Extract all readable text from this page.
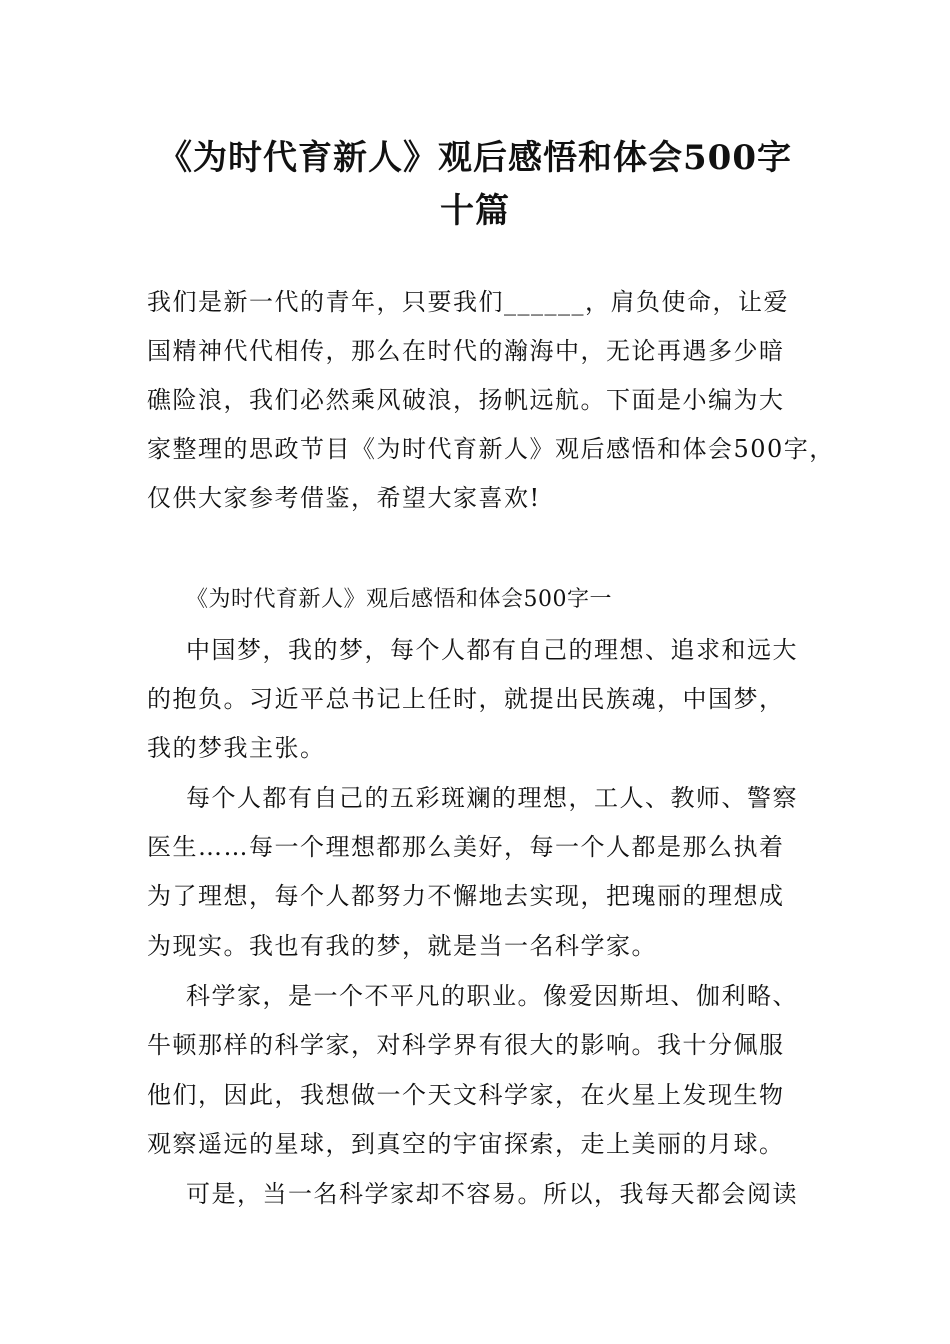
《为时代育新人》观后感悟和体会500字
十篇
我们是新一代的青年，只要我们______，肩负使命，让爱
国精神代代相传，那么在时代的瀚海中，无论再遇多少暗
礁险浪，我们必然乘风破浪，扬帆远航。下面是小编为大
家整理的思政节目《为时代育新人》观后感悟和体会500字，
仅供大家参考借鉴，希望大家喜欢!
《为时代育新人》观后感悟和体会500字一
中国梦，我的梦，每个人都有自己的理想、追求和远大
的抱负。习近平总书记上任时，就提出民族魂，中国梦，
我的梦我主张。
每个人都有自己的五彩斑斓的理想，工人、教师、警察
医生……每一个理想都那么美好，每一个人都是那么执着
为了理想，每个人都努力不懈地去实现，把瑰丽的理想成
为现实。我也有我的梦，就是当一名科学家。
科学家，是一个不平凡的职业。像爱因斯坦、伽利略、
牛顿那样的科学家，对科学界有很大的影响。我十分佩服
他们，因此，我想做一个天文科学家，在火星上发现生物
观察遥远的星球，到真空的宇宙探索，走上美丽的月球。
可是，当一名科学家却不容易。所以，我每天都会阅读
